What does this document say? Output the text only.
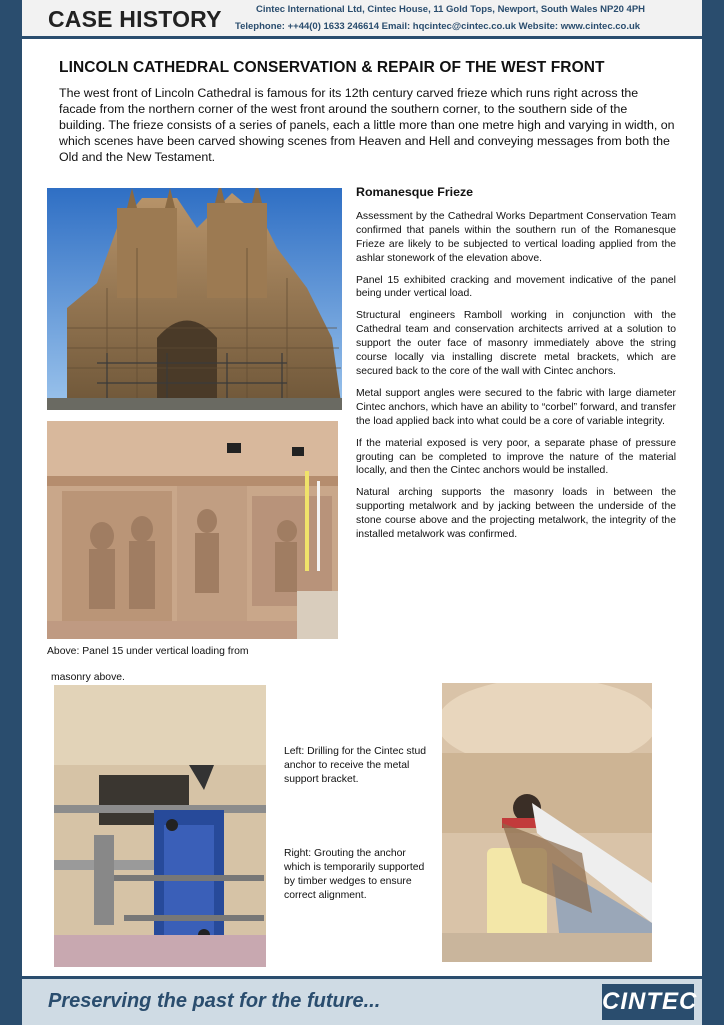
CASE HISTORY	Cintec International Ltd, Cintec House, 11 Gold Tops, Newport, South Wales NP20 4PH
Telephone: ++44(0) 1633 246614 Email: hqcintec@cintec.co.uk Website: www.cintec.co.uk
LINCOLN CATHEDRAL CONSERVATION & REPAIR OF THE WEST FRONT
The west front of Lincoln Cathedral is famous for its 12th century carved frieze which runs right across the facade from the northern corner of the west front around the southern corner, to the southern side of the building. The frieze consists of a series of panels, each a little more than one metre high and varying in width, on which scenes have been carved showing scenes from Heaven and Hell and conveying messages from both the Old and the New Testament.
Above: Panel 15 under vertical loading from
masonry above.
Romanesque Frieze

Assessment by the Cathedral Works Department Conservation Team confirmed that panels within the southern run of the Romanesque Frieze are likely to be subjected to vertical loading applied from the ashlar stonework of the elevation above.

Panel 15 exhibited cracking and movement indicative of the panel being under vertical load.

Structural engineers Ramboll working in conjunction with the Cathedral team and conservation architects arrived at a solution to support the outer face of masonry immediately above the string course locally via installing discrete metal brackets, which are secured back to the core of the wall with Cintec anchors.

Metal support angles were secured to the fabric with large diameter Cintec anchors, which have an ability to “corbel” forward, and transfer the load applied back into what could be a core of variable integrity.

If the material exposed is very poor, a separate phase of pressure grouting can be completed to improve the nature of the material locally, and then the Cintec anchors would be installed.

Natural arching supports the masonry loads in between the supporting metalwork and by jacking between the underside of the stone course above and the projecting metalwork, the integrity of the installed metalwork was confirmed.

Left: Drilling for the Cintec stud anchor to receive the metal support bracket.
Right: Grouting the anchor which is temporarily supported by timber wedges to ensure correct alignment.
Preserving the past for the future...	CINTEC
